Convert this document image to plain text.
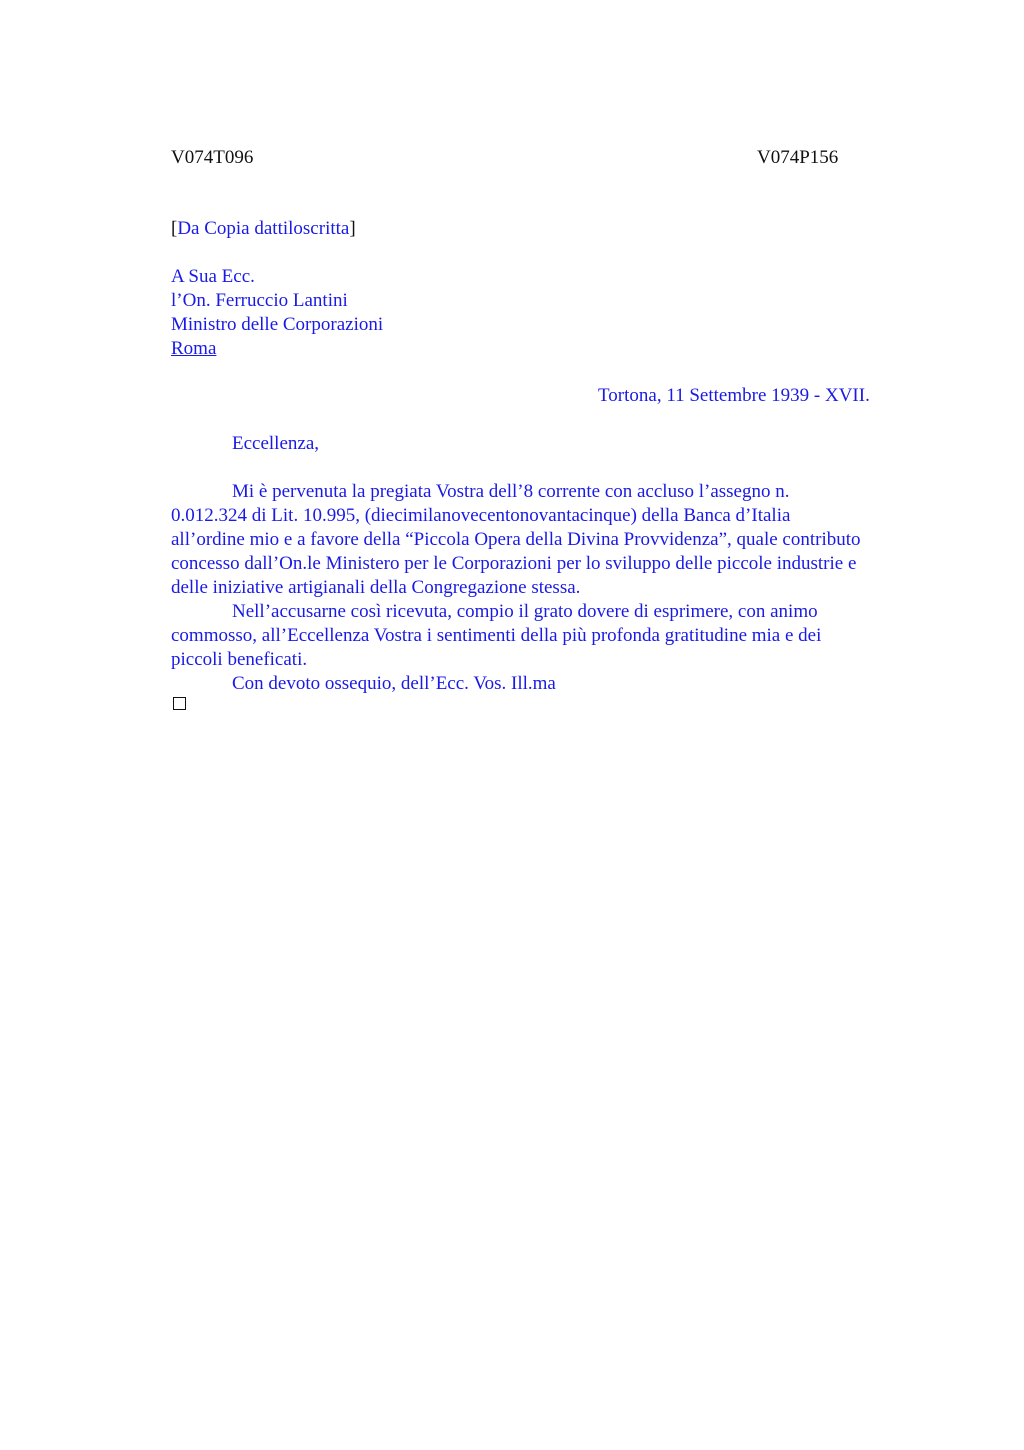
V074T096	V074P156
[Da Copia dattiloscritta]
A Sua Ecc.
l’On. Ferruccio Lantini
Ministro delle Corporazioni
Roma
Tortona, 11 Settembre 1939 - XVII.
Eccellenza,
Mi è pervenuta la pregiata Vostra dell’8 corrente con accluso l’assegno n.
0.012.324 di Lit. 10.995, (diecimilanovecentonovantacinque) della Banca d’Italia
all’ordine mio e a favore della “Piccola Opera della Divina Provvidenza”, quale contributo
concesso dall’On.le Ministero per le Corporazioni per lo sviluppo delle piccole industrie e
delle iniziative artigianali della Congregazione stessa.
Nell’accusarne così ricevuta, compio il grato dovere di esprimere, con animo
commosso, all’Eccellenza Vostra i sentimenti della più profonda gratitudine mia e dei
piccoli beneficati.
Con devoto ossequio, dell’Ecc. Vos. Ill.ma
